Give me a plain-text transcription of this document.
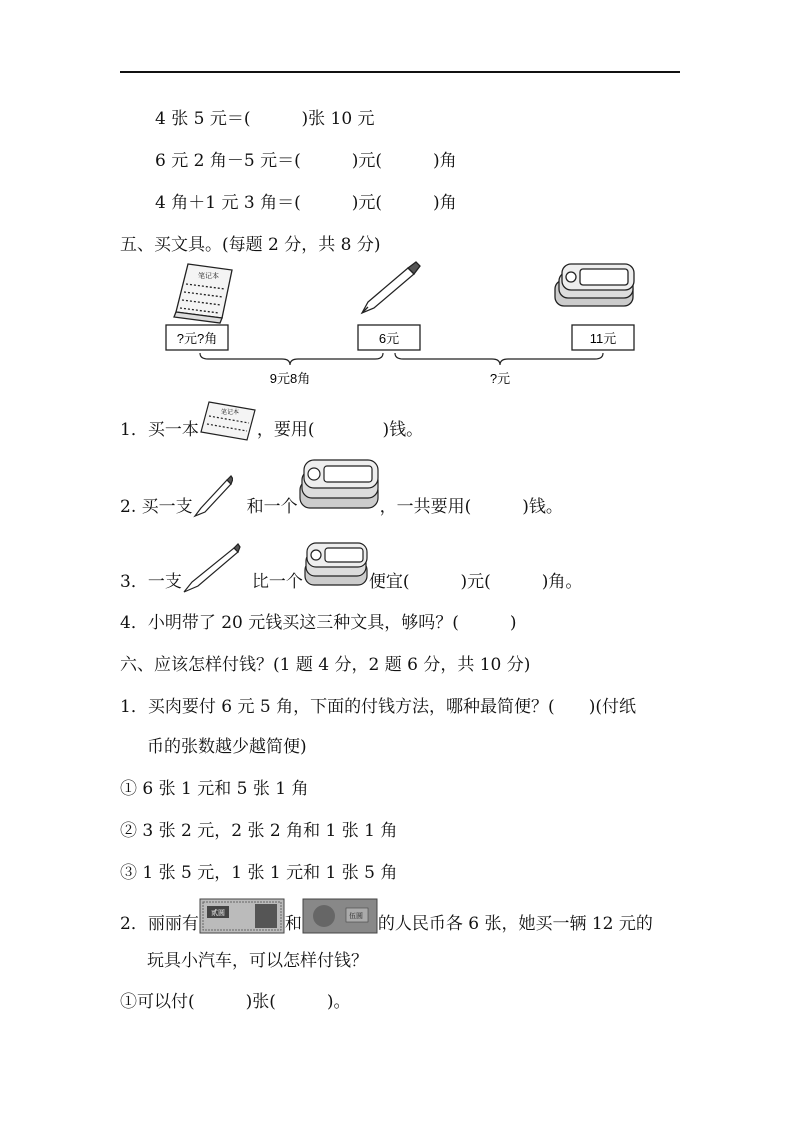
4 张 5 元＝(　　　)张 10 元
6 元 2 角－5 元＝(　　　)元(　　　)角
4 角＋1 元 3 角＝(　　　)元(　　　)角
五、买文具。(每题 2 分，共 8 分)
笔记本
?元?角	6元	11元
9元8角	?元
1．买一本
笔记本
，要用(　　　　)钱。
2. 买一支	和一个	，一共要用(　　　)钱。
3．一支	比一个	便宜(　　　)元(　　　)角。
4．小明带了 20 元钱买这三种文具，够吗？(　　　)
六、应该怎样付钱？(1 题 4 分，2 题 6 分，共 10 分)
1．买肉要付 6 元 5 角，下面的付钱方法，哪种最简便？(　　)(付纸
币的张数越少越简便)
① 6 张 1 元和 5 张 1 角
② 3 张 2 元，2 张 2 角和 1 张 1 角
③ 1 张 5 元，1 张 1 元和 1 张 5 角
2．丽丽有
贰圆
和	伍圆 的人民币各 6 张，她买一辆 12 元的
玩具小汽车，可以怎样付钱？
①可以付(　　　)张(　　　)。
